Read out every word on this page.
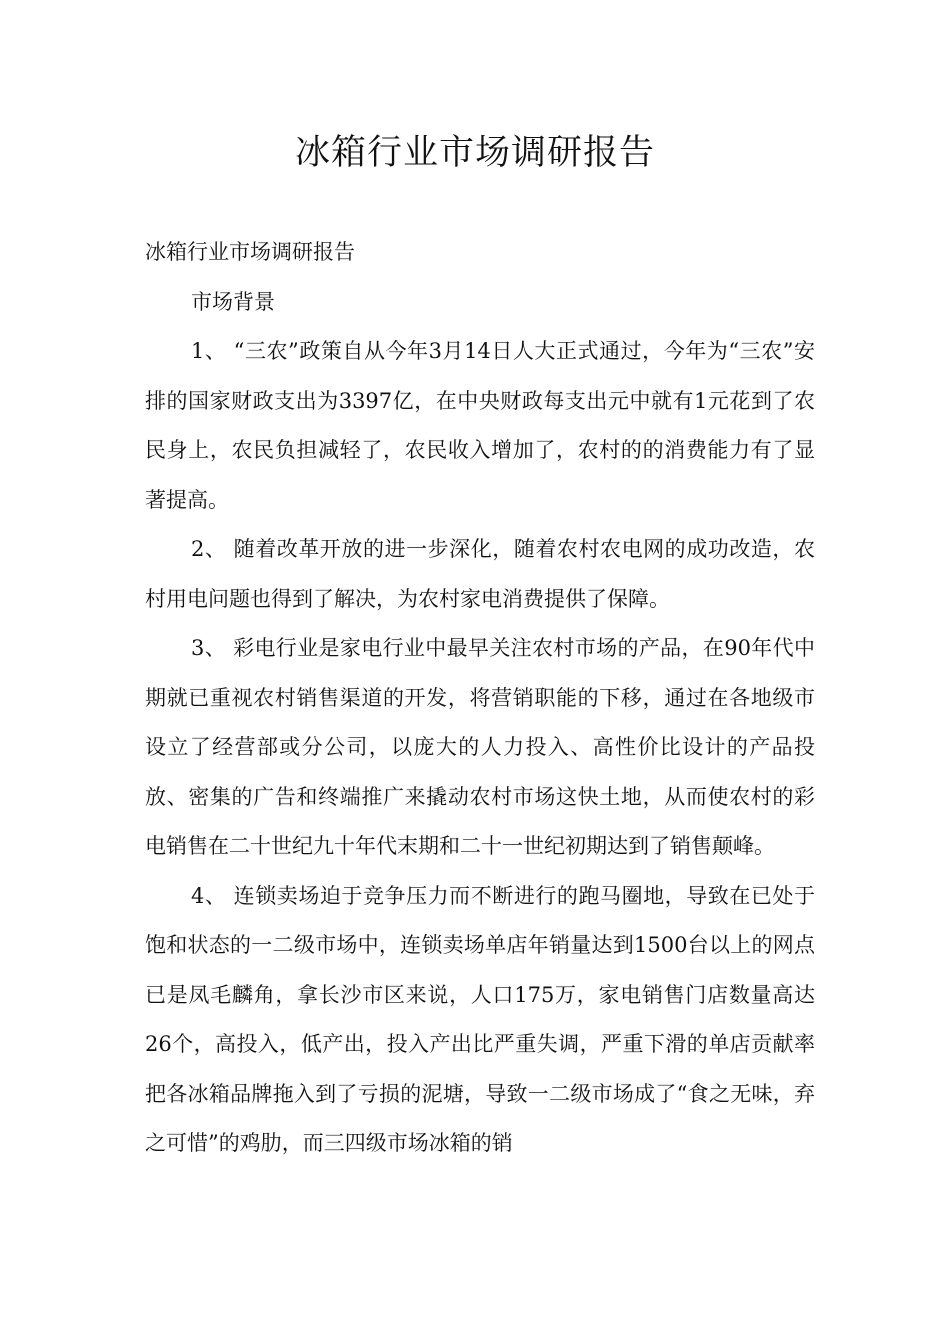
冰箱行业市场调研报告

冰箱行业市场调研报告

市场背景

1、 “三农”政策自从今年3月14日人大正式通过，今年为“三农”安排的国家财政支出为3397亿，在中央财政每支出元中就有1元花到了农民身上，农民负担减轻了，农民收入增加了，农村的的消费能力有了显著提高。

2、 随着改革开放的进一步深化，随着农村农电网的成功改造，农村用电问题也得到了解决，为农村家电消费提供了保障。

3、 彩电行业是家电行业中最早关注农村市场的产品，在90年代中期就已重视农村销售渠道的开发，将营销职能的下移，通过在各地级市设立了经营部或分公司，以庞大的人力投入、高性价比设计的产品投放、密集的广告和终端推广来撬动农村市场这快土地，从而使农村的彩电销售在二十世纪九十年代末期和二十一世纪初期达到了销售颠峰。

4、 连锁卖场迫于竞争压力而不断进行的跑马圈地，导致在已处于饱和状态的一二级市场中，连锁卖场单店年销量达到1500台以上的网点已是凤毛麟角，拿长沙市区来说，人口175万，家电销售门店数量高达26个，高投入，低产出，投入产出比严重失调，严重下滑的单店贡献率把各冰箱品牌拖入到了亏损的泥塘，导致一二级市场成了“食之无味，弃之可惜”的鸡肋，而三四级市场冰箱的销
